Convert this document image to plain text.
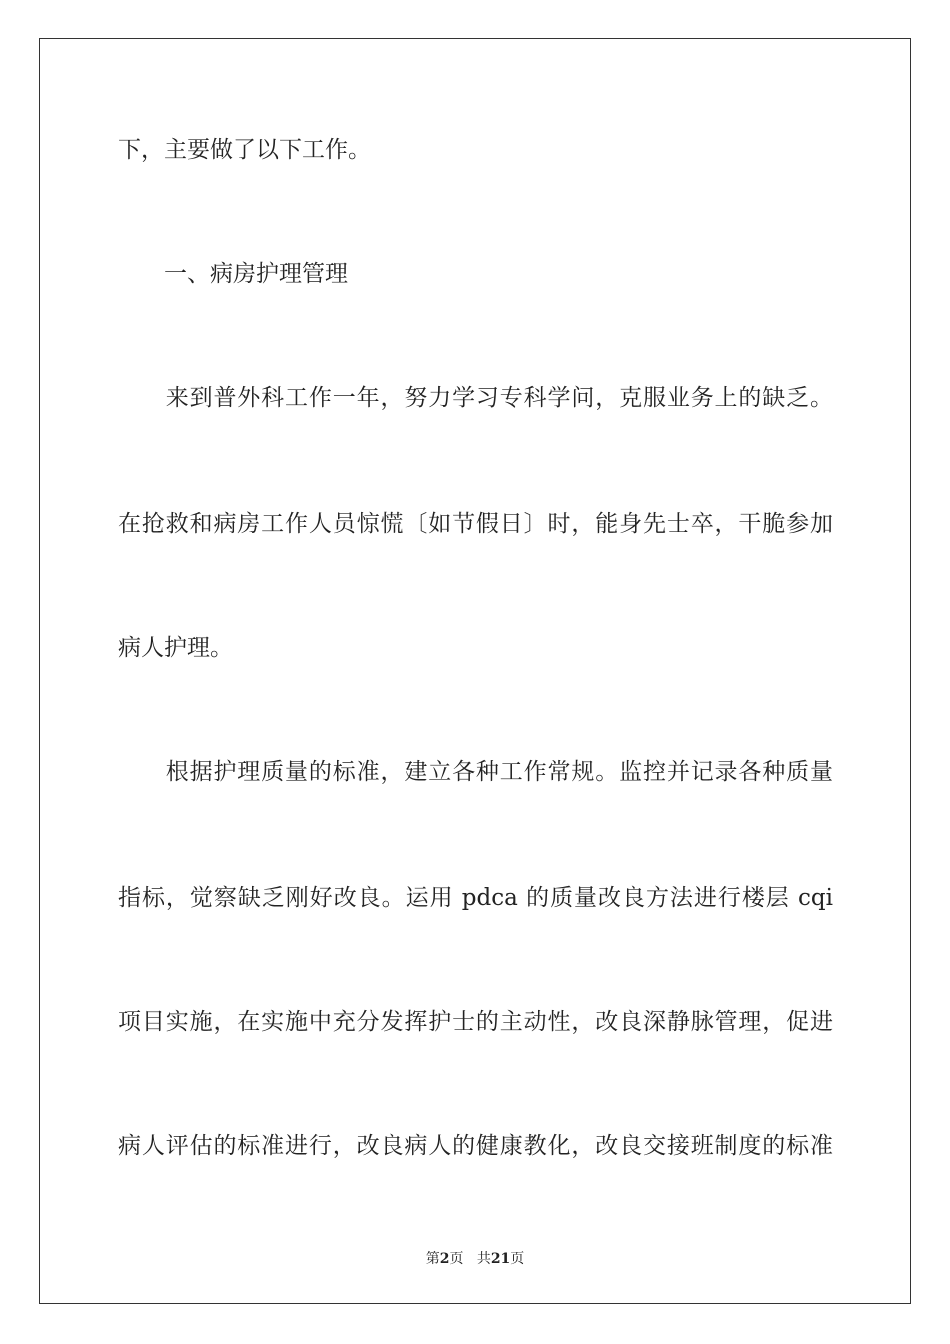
下，主要做了以下工作。

　　一、病房护理管理

　　来到普外科工作一年，努力学习专科学问，克服业务上的缺乏。

在抢救和病房工作人员惊慌〔如节假日〕时，能身先士卒，干脆参加

病人护理。

　　根据护理质量的标准，建立各种工作常规。监控并记录各种质量

指标，觉察缺乏刚好改良。运用 pdca 的质量改良方法进行楼层 cqi

项目实施，在实施中充分发挥护士的主动性，改良深静脉管理，促进

病人评估的标准进行，改良病人的健康教化，改良交接班制度的标准

第2页 共21页
